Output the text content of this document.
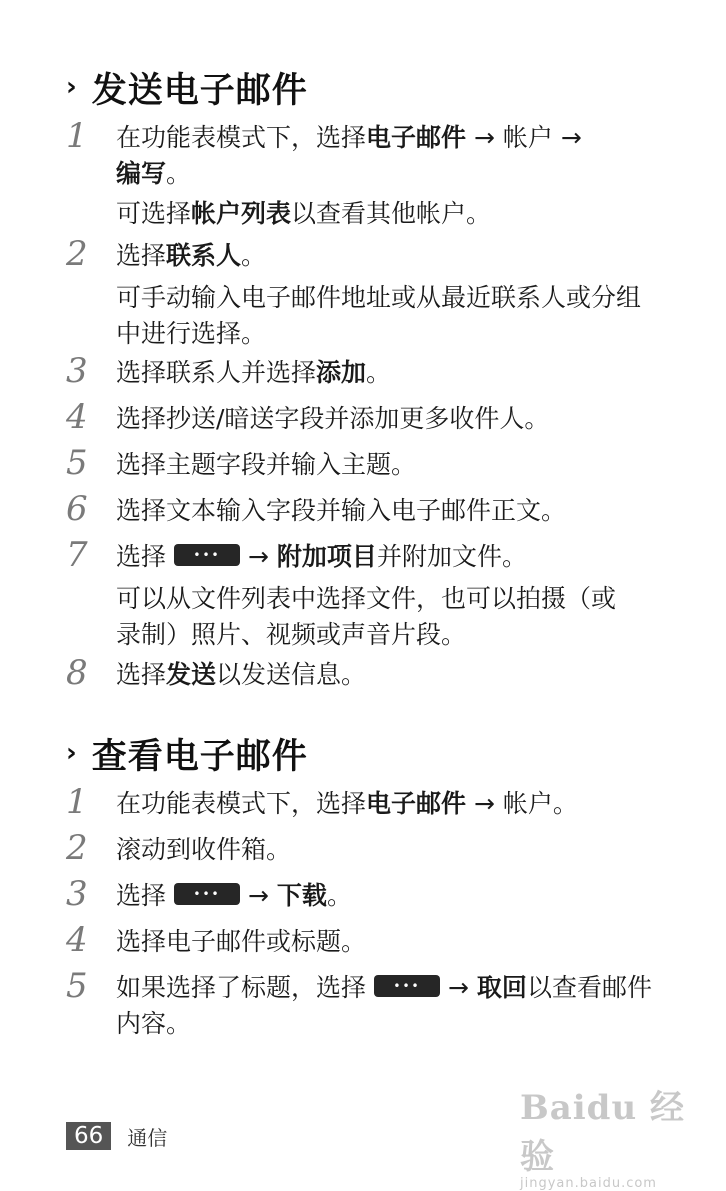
› 发送电子邮件
1 在功能表模式下，选择电子邮件 → 帐户 →
编写。
可选择帐户列表以查看其他帐户。
2 选择联系人。
可手动输入电子邮件地址或从最近联系人或分组中进行选择。
3 选择联系人并选择添加。
4 选择抄送/暗送字段并添加更多收件人。
5 选择主题字段并输入主题。
6 选择文本输入字段并输入电子邮件正文。
7 选择 ••• → 附加项目并附加文件。
可以从文件列表中选择文件，也可以拍摄（或录制）照片、视频或声音片段。
8 选择发送以发送信息。
› 查看电子邮件
1 在功能表模式下，选择电子邮件 → 帐户。
2 滚动到收件箱。
3 选择 ••• → 下载。
4 选择电子邮件或标题。
5 如果选择了标题，选择 ••• → 取回以查看邮件内容。
66	通信
Baidu 经验
jingyan.baidu.com
